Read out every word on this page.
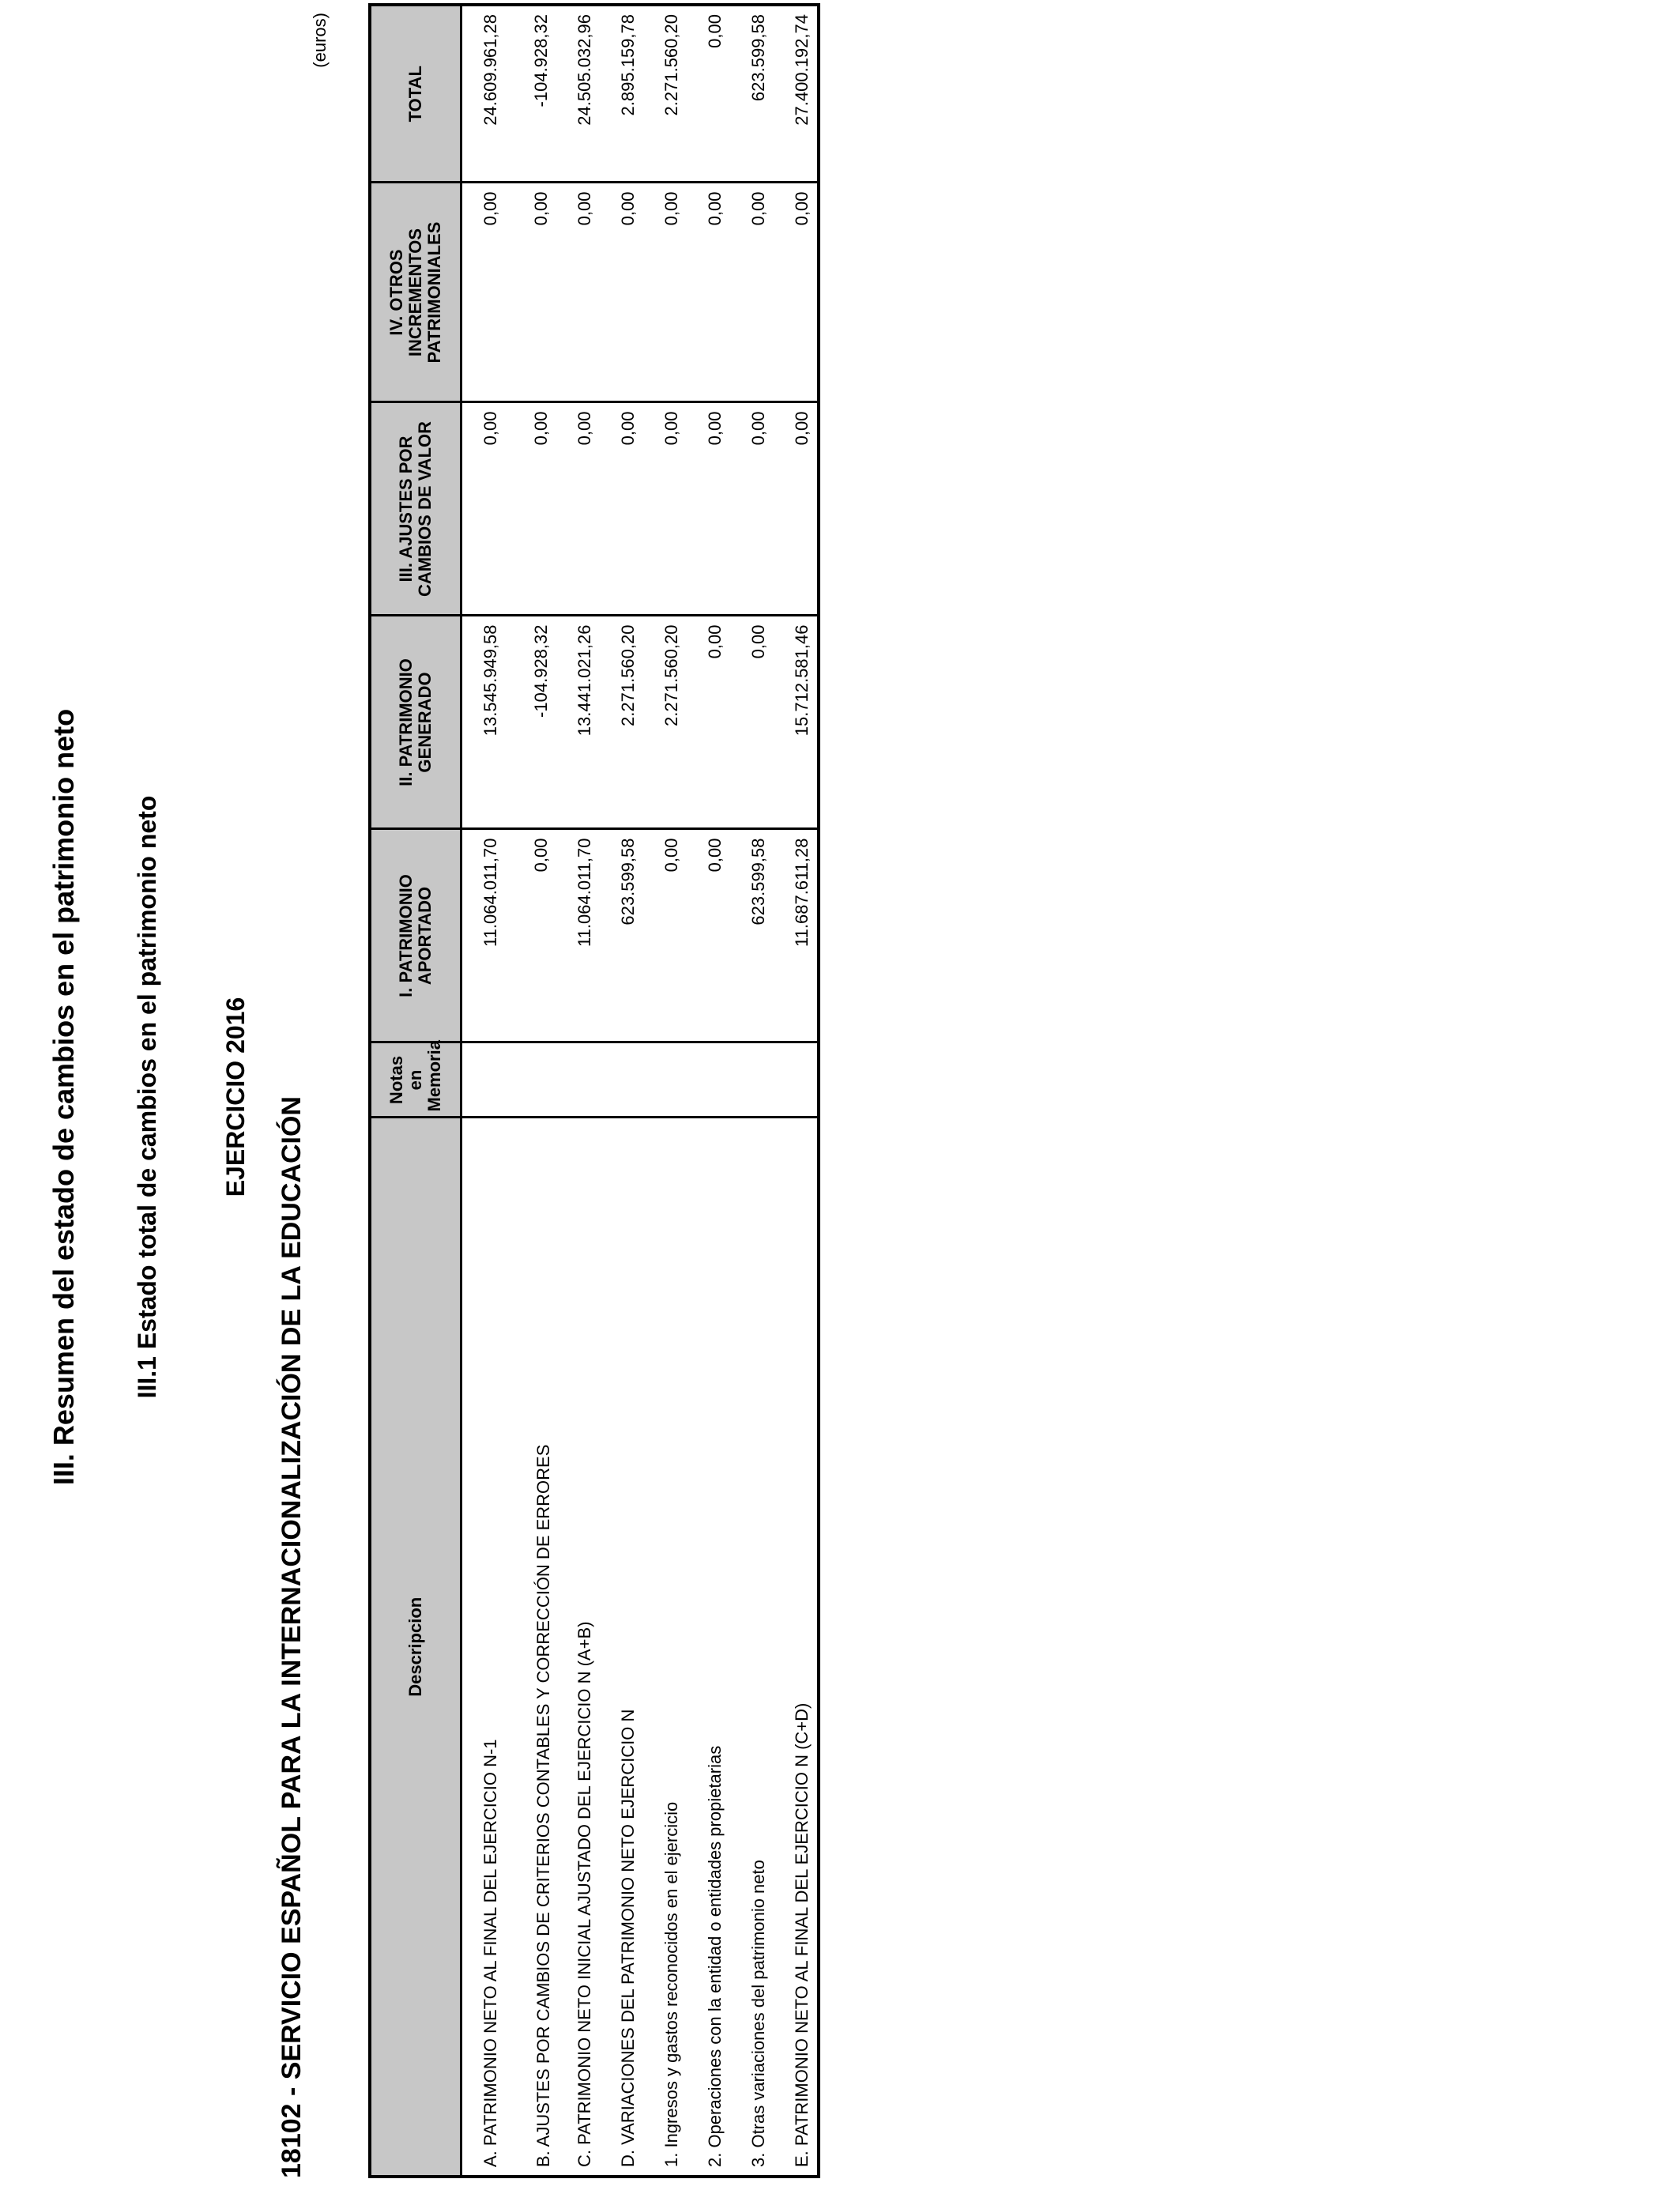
III. Resumen del estado de cambios en el patrimonio neto III.1 Estado total de cambios en el patrimonio neto EJERCICIO 2016 18102 - SERVICIO ESPAÑOL PARA LA INTERNACIONALIZACIÓN DE LA EDUCACIÓN
(euros)
Descripcion	Notas en Memoria	I. PATRIMONIO APORTADO	II. PATRIMONIO GENERADO	III. AJUSTES POR CAMBIOS DE VALOR	IV. OTROS INCREMENTOS PATRIMONIALES	TOTAL
A. PATRIMONIO NETO AL FINAL DEL EJERCICIO N-1		11.064.011,70	13.545.949,58	0,00	0,00	24.609.961,28
B. AJUSTES POR CAMBIOS DE CRITERIOS CONTABLES Y CORRECCIÓN DE ERRORES		0,00	-104.928,32	0,00	0,00	-104.928,32
C. PATRIMONIO NETO INICIAL AJUSTADO DEL EJERCICIO N (A+B)		11.064.011,70	13.441.021,26	0,00	0,00	24.505.032,96
D. VARIACIONES DEL PATRIMONIO NETO EJERCICIO N		623.599,58	2.271.560,20	0,00	0,00	2.895.159,78
1. Ingresos y gastos reconocidos en el ejercicio		0,00	2.271.560,20	0,00	0,00	2.271.560,20
2. Operaciones con la entidad o entidades propietarias		0,00	0,00	0,00	0,00	0,00
3. Otras variaciones del patrimonio neto		623.599,58	0,00	0,00	0,00	623.599,58
E. PATRIMONIO NETO AL FINAL DEL EJERCICIO N (C+D)		11.687.611,28	15.712.581,46	0,00	0,00	27.400.192,74
